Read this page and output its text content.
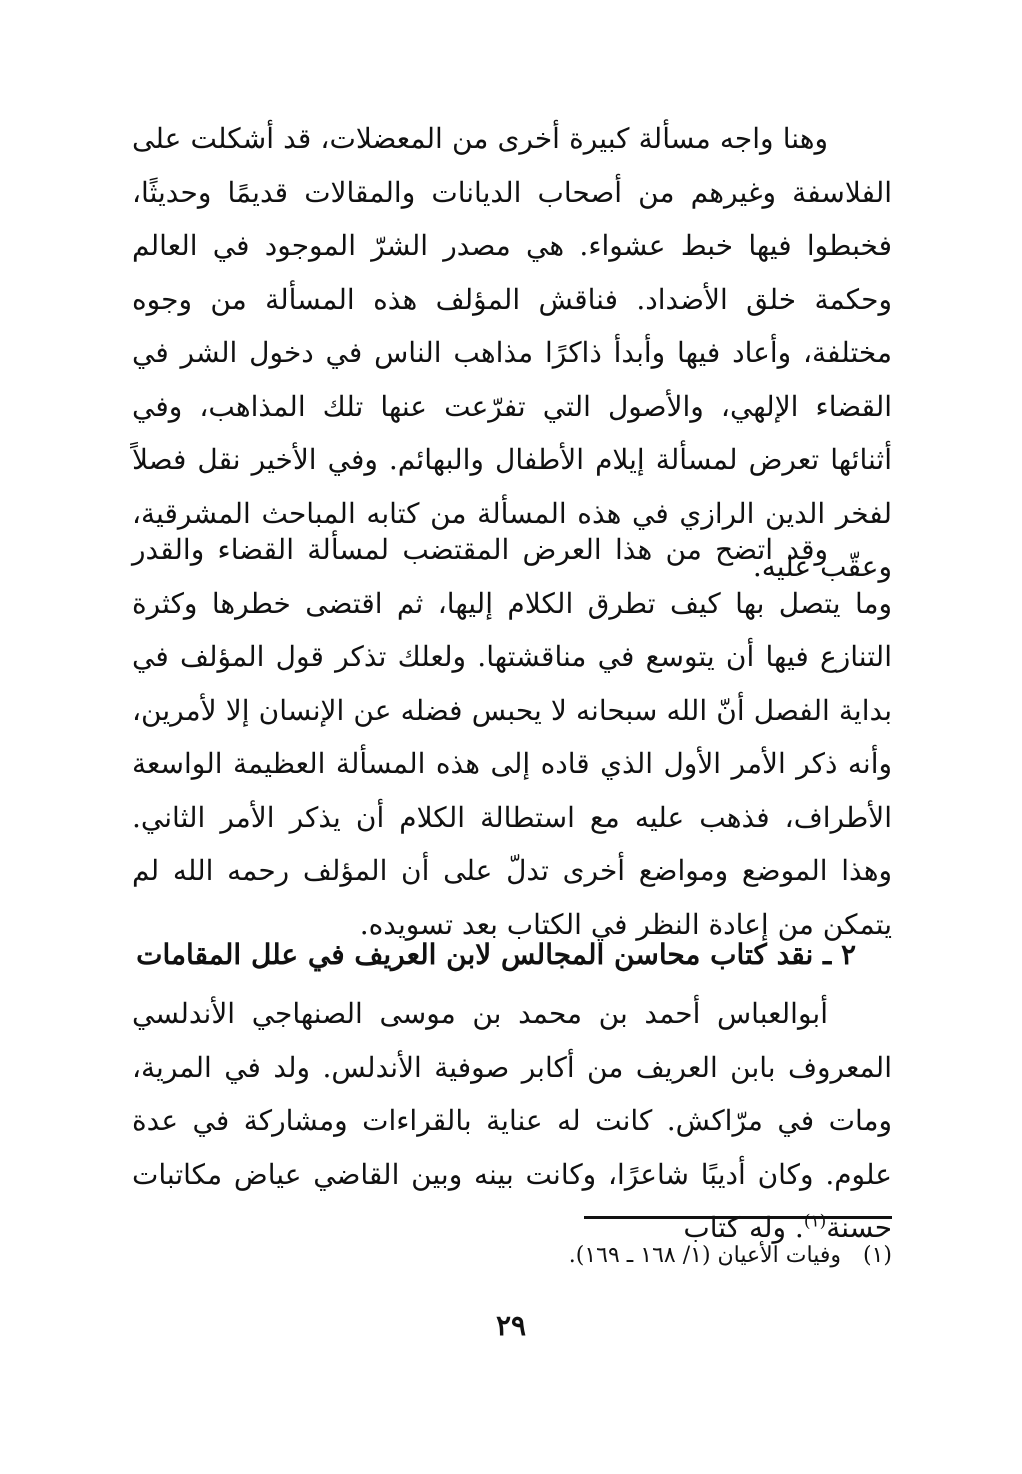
وهنا واجه مسألة كبيرة أخرى من المعضلات، قد أشكلت على الفلاسفة وغيرهم من أصحاب الديانات والمقالات قديمًا وحديثًا، فخبطوا فيها خبط عشواء. هي مصدر الشرّ الموجود في العالم وحكمة خلق الأضداد. فناقش المؤلف هذه المسألة من وجوه مختلفة، وأعاد فيها وأبدأ ذاكرًا مذاهب الناس في دخول الشر في القضاء الإلهي، والأصول التي تفرّعت عنها تلك المذاهب، وفي أثنائها تعرض لمسألة إيلام الأطفال والبهائم. وفي الأخير نقل فصلاً لفخر الدين الرازي في هذه المسألة من كتابه المباحث المشرقية، وعقّب عليه.

وقد اتضح من هذا العرض المقتضب لمسألة القضاء والقدر وما يتصل بها كيف تطرق الكلام إليها، ثم اقتضى خطرها وكثرة التنازع فيها أن يتوسع في مناقشتها. ولعلك تذكر قول المؤلف في بداية الفصل أنّ الله سبحانه لا يحبس فضله عن الإنسان إلا لأمرين، وأنه ذكر الأمر الأول الذي قاده إلى هذه المسألة العظيمة الواسعة الأطراف، فذهب عليه مع استطالة الكلام أن يذكر الأمر الثاني. وهذا الموضع ومواضع أخرى تدلّ على أن المؤلف رحمه الله لم يتمكن من إعادة النظر في الكتاب بعد تسويده.

٢ ـ نقد كتاب محاسن المجالس لابن العريف في علل المقامات

أبوالعباس أحمد بن محمد بن موسى الصنهاجي الأندلسي المعروف بابن العريف من أكابر صوفية الأندلس. ولد في المرية، ومات في مرّاكش. كانت له عناية بالقراءات ومشاركة في عدة علوم. وكان أديبًا شاعرًا، وكانت بينه وبين القاضي عياض مكاتبات حسنة$^{(١)}$. وله كتاب

(١)وفيات الأعيان (١/ ١٦٨ ـ ١٦٩).
٢٩
